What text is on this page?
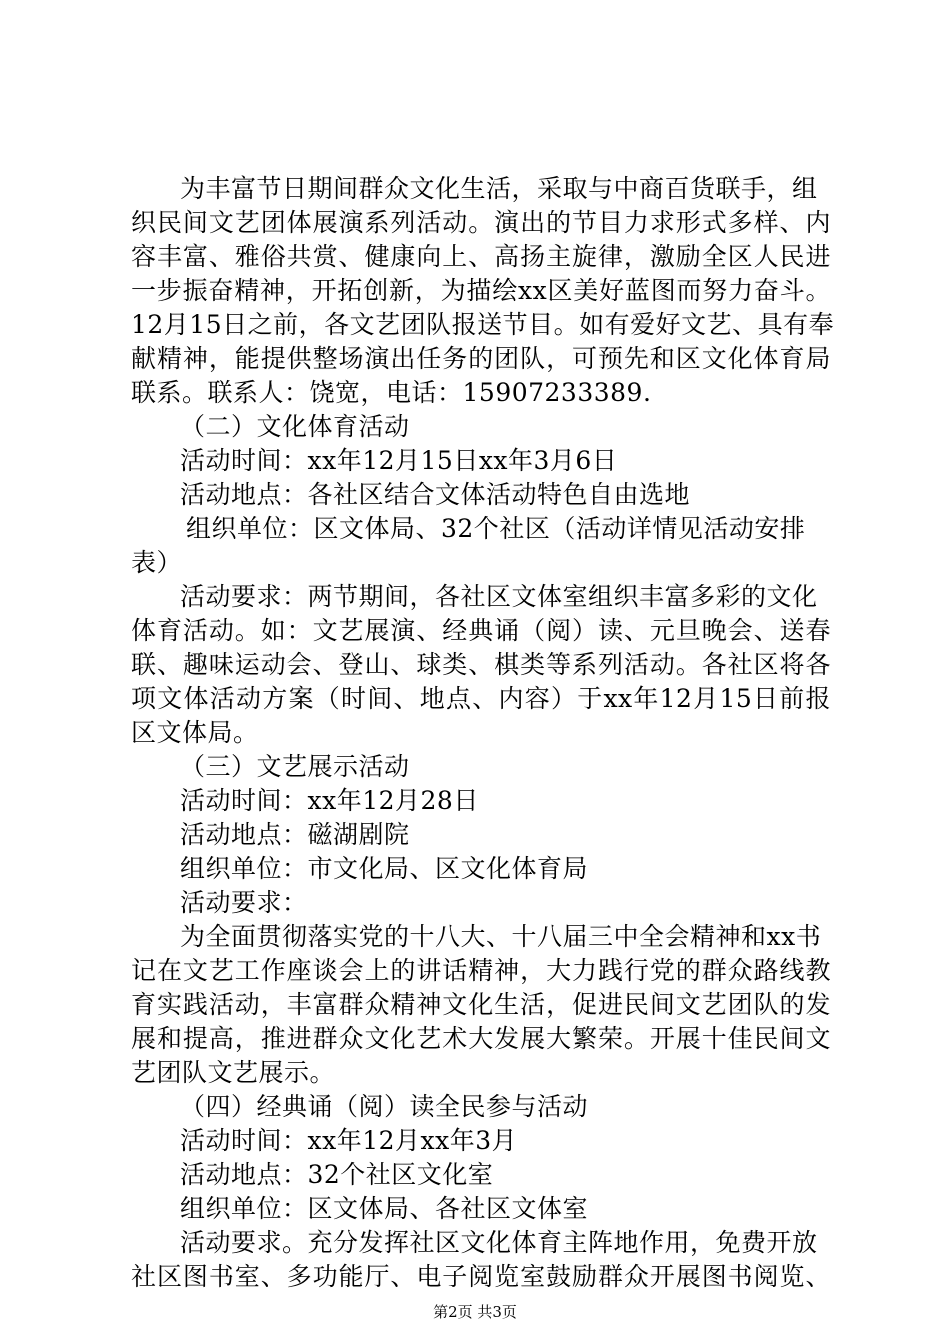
为丰富节日期间群众文化生活，采取与中商百货联手，组
织民间文艺团体展演系列活动。演出的节目力求形式多样、内
容丰富、雅俗共赏、健康向上、高扬主旋律，激励全区人民进
一步振奋精神，开拓创新，为描绘xx区美好蓝图而努力奋斗。
12月15日之前，各文艺团队报送节目。如有爱好文艺、具有奉
献精神，能提供整场演出任务的团队，可预先和区文化体育局
联系。联系人：饶宽，电话：15907233389.
（二）文化体育活动
活动时间：xx年12月15日xx年3月6日
活动地点：各社区结合文体活动特色自由选地
组织单位：区文体局、32个社区（活动详情见活动安排
表）
活动要求：两节期间，各社区文体室组织丰富多彩的文化
体育活动。如：文艺展演、经典诵（阅）读、元旦晚会、送春
联、趣味运动会、登山、球类、棋类等系列活动。各社区将各
项文体活动方案（时间、地点、内容）于xx年12月15日前报
区文体局。
（三）文艺展示活动
活动时间：xx年12月28日
活动地点：磁湖剧院
组织单位：市文化局、区文化体育局
活动要求：
为全面贯彻落实党的十八大、十八届三中全会精神和xx书
记在文艺工作座谈会上的讲话精神，大力践行党的群众路线教
育实践活动，丰富群众精神文化生活，促进民间文艺团队的发
展和提高，推进群众文化艺术大发展大繁荣。开展十佳民间文
艺团队文艺展示。
（四）经典诵（阅）读全民参与活动
活动时间：xx年12月xx年3月
活动地点：32个社区文化室
组织单位：区文体局、各社区文体室
活动要求。充分发挥社区文化体育主阵地作用，免费开放
社区图书室、多功能厅、电子阅览室鼓励群众开展图书阅览、
第2页 共3页
